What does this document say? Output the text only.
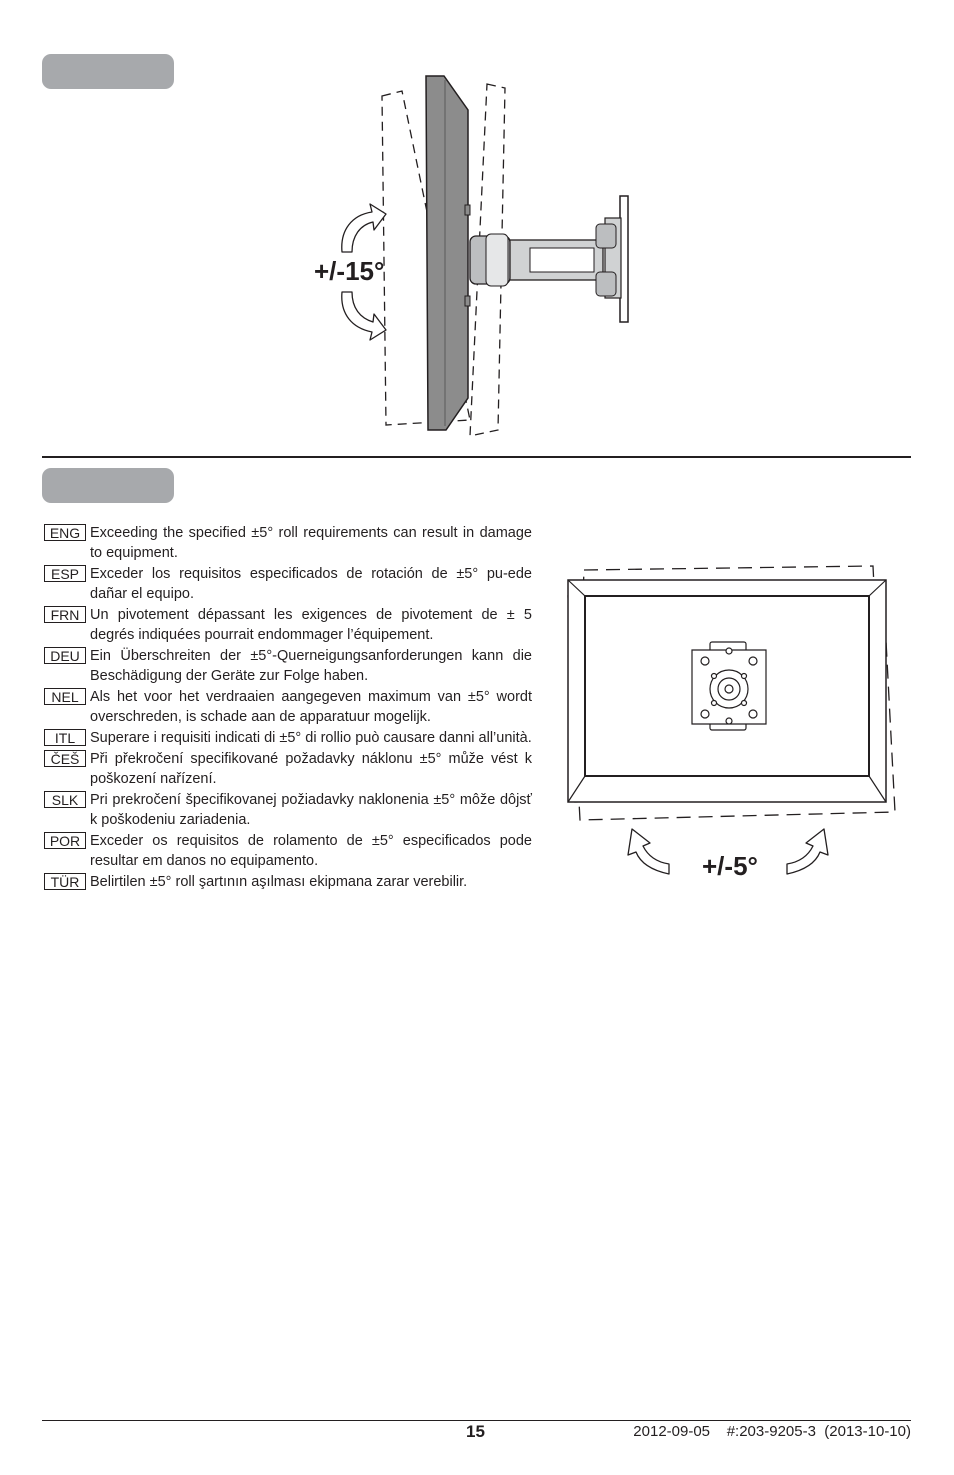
+/-15°
ENG Exceeding the specified ±5° roll requirements can result in damage to equipment.
ESP Exceder los requisitos especificados de rotación de ±5° pu-ede dañar el equipo.
FRN Un pivotement dépassant les exigences de pivotement de ± 5 degrés indiquées pourrait endommager l’équipement.
DEU Ein Überschreiten der ±5°-Querneigungsanforderungen kann die Beschädigung der Geräte zur Folge haben.
NEL Als het voor het verdraaien aangegeven maximum van ±5° wordt overschreden, is schade aan de apparatuur mogelijk.
ITL	Superare i requisiti indicati di ±5° di rollio può causare danni all’unità.
ČEŠ Při překročení specifikované požadavky náklonu ±5° může vést k poškození nařízení.
SLK Pri prekročení špecifikovanej požiadavky naklonenia ±5° môže dôjsť k poškodeniu zariadenia.
POR Exceder os requisitos de rolamento de ±5° especificados pode resultar em danos no equipamento.
TÜR Belirtilen ±5° roll şartının aşılması ekipmana zarar verebilir.
+/-5°
15	2012-09-05    #:203-9205-3  (2013-10-10)
